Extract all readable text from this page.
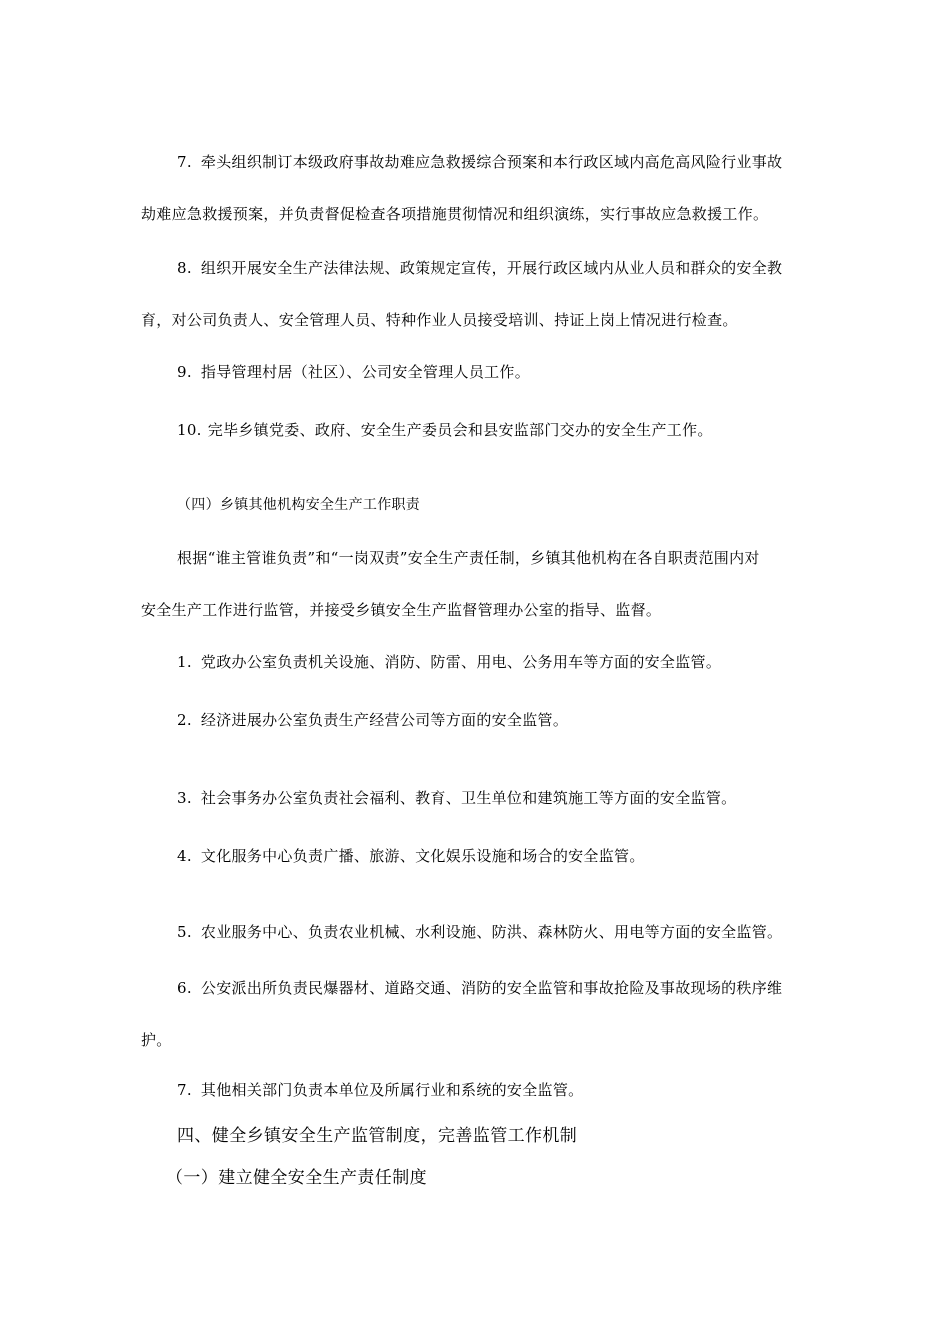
7. 牵头组织制订本级政府事故劫难应急救援综合预案和本行政区域内高危高风险行业事故
劫难应急救援预案，并负责督促检查各项措施贯彻情况和组织演练，实行事故应急救援工作。
8. 组织开展安全生产法律法规、政策规定宣传，开展行政区域内从业人员和群众的安全教
育，对公司负责人、安全管理人员、特种作业人员接受培训、持证上岗上情况进行检查。
9. 指导管理村居（社区）、公司安全管理人员工作。
10. 完毕乡镇党委、政府、安全生产委员会和县安监部门交办的安全生产工作。
（四）乡镇其他机构安全生产工作职责
根据“谁主管谁负责”和“一岗双责”安全生产责任制，乡镇其他机构在各自职责范围内对
安全生产工作进行监管，并接受乡镇安全生产监督管理办公室的指导、监督。
1. 党政办公室负责机关设施、消防、防雷、用电、公务用车等方面的安全监管。
2. 经济进展办公室负责生产经营公司等方面的安全监管。
3. 社会事务办公室负责社会福利、教育、卫生单位和建筑施工等方面的安全监管。
4. 文化服务中心负责广播、旅游、文化娱乐设施和场合的安全监管。
5. 农业服务中心、负责农业机械、水利设施、防洪、森林防火、用电等方面的安全监管。
6. 公安派出所负责民爆器材、道路交通、消防的安全监管和事故抢险及事故现场的秩序维
护。
7. 其他相关部门负责本单位及所属行业和系统的安全监管。
四、健全乡镇安全生产监管制度，完善监管工作机制
（一）建立健全安全生产责任制度
